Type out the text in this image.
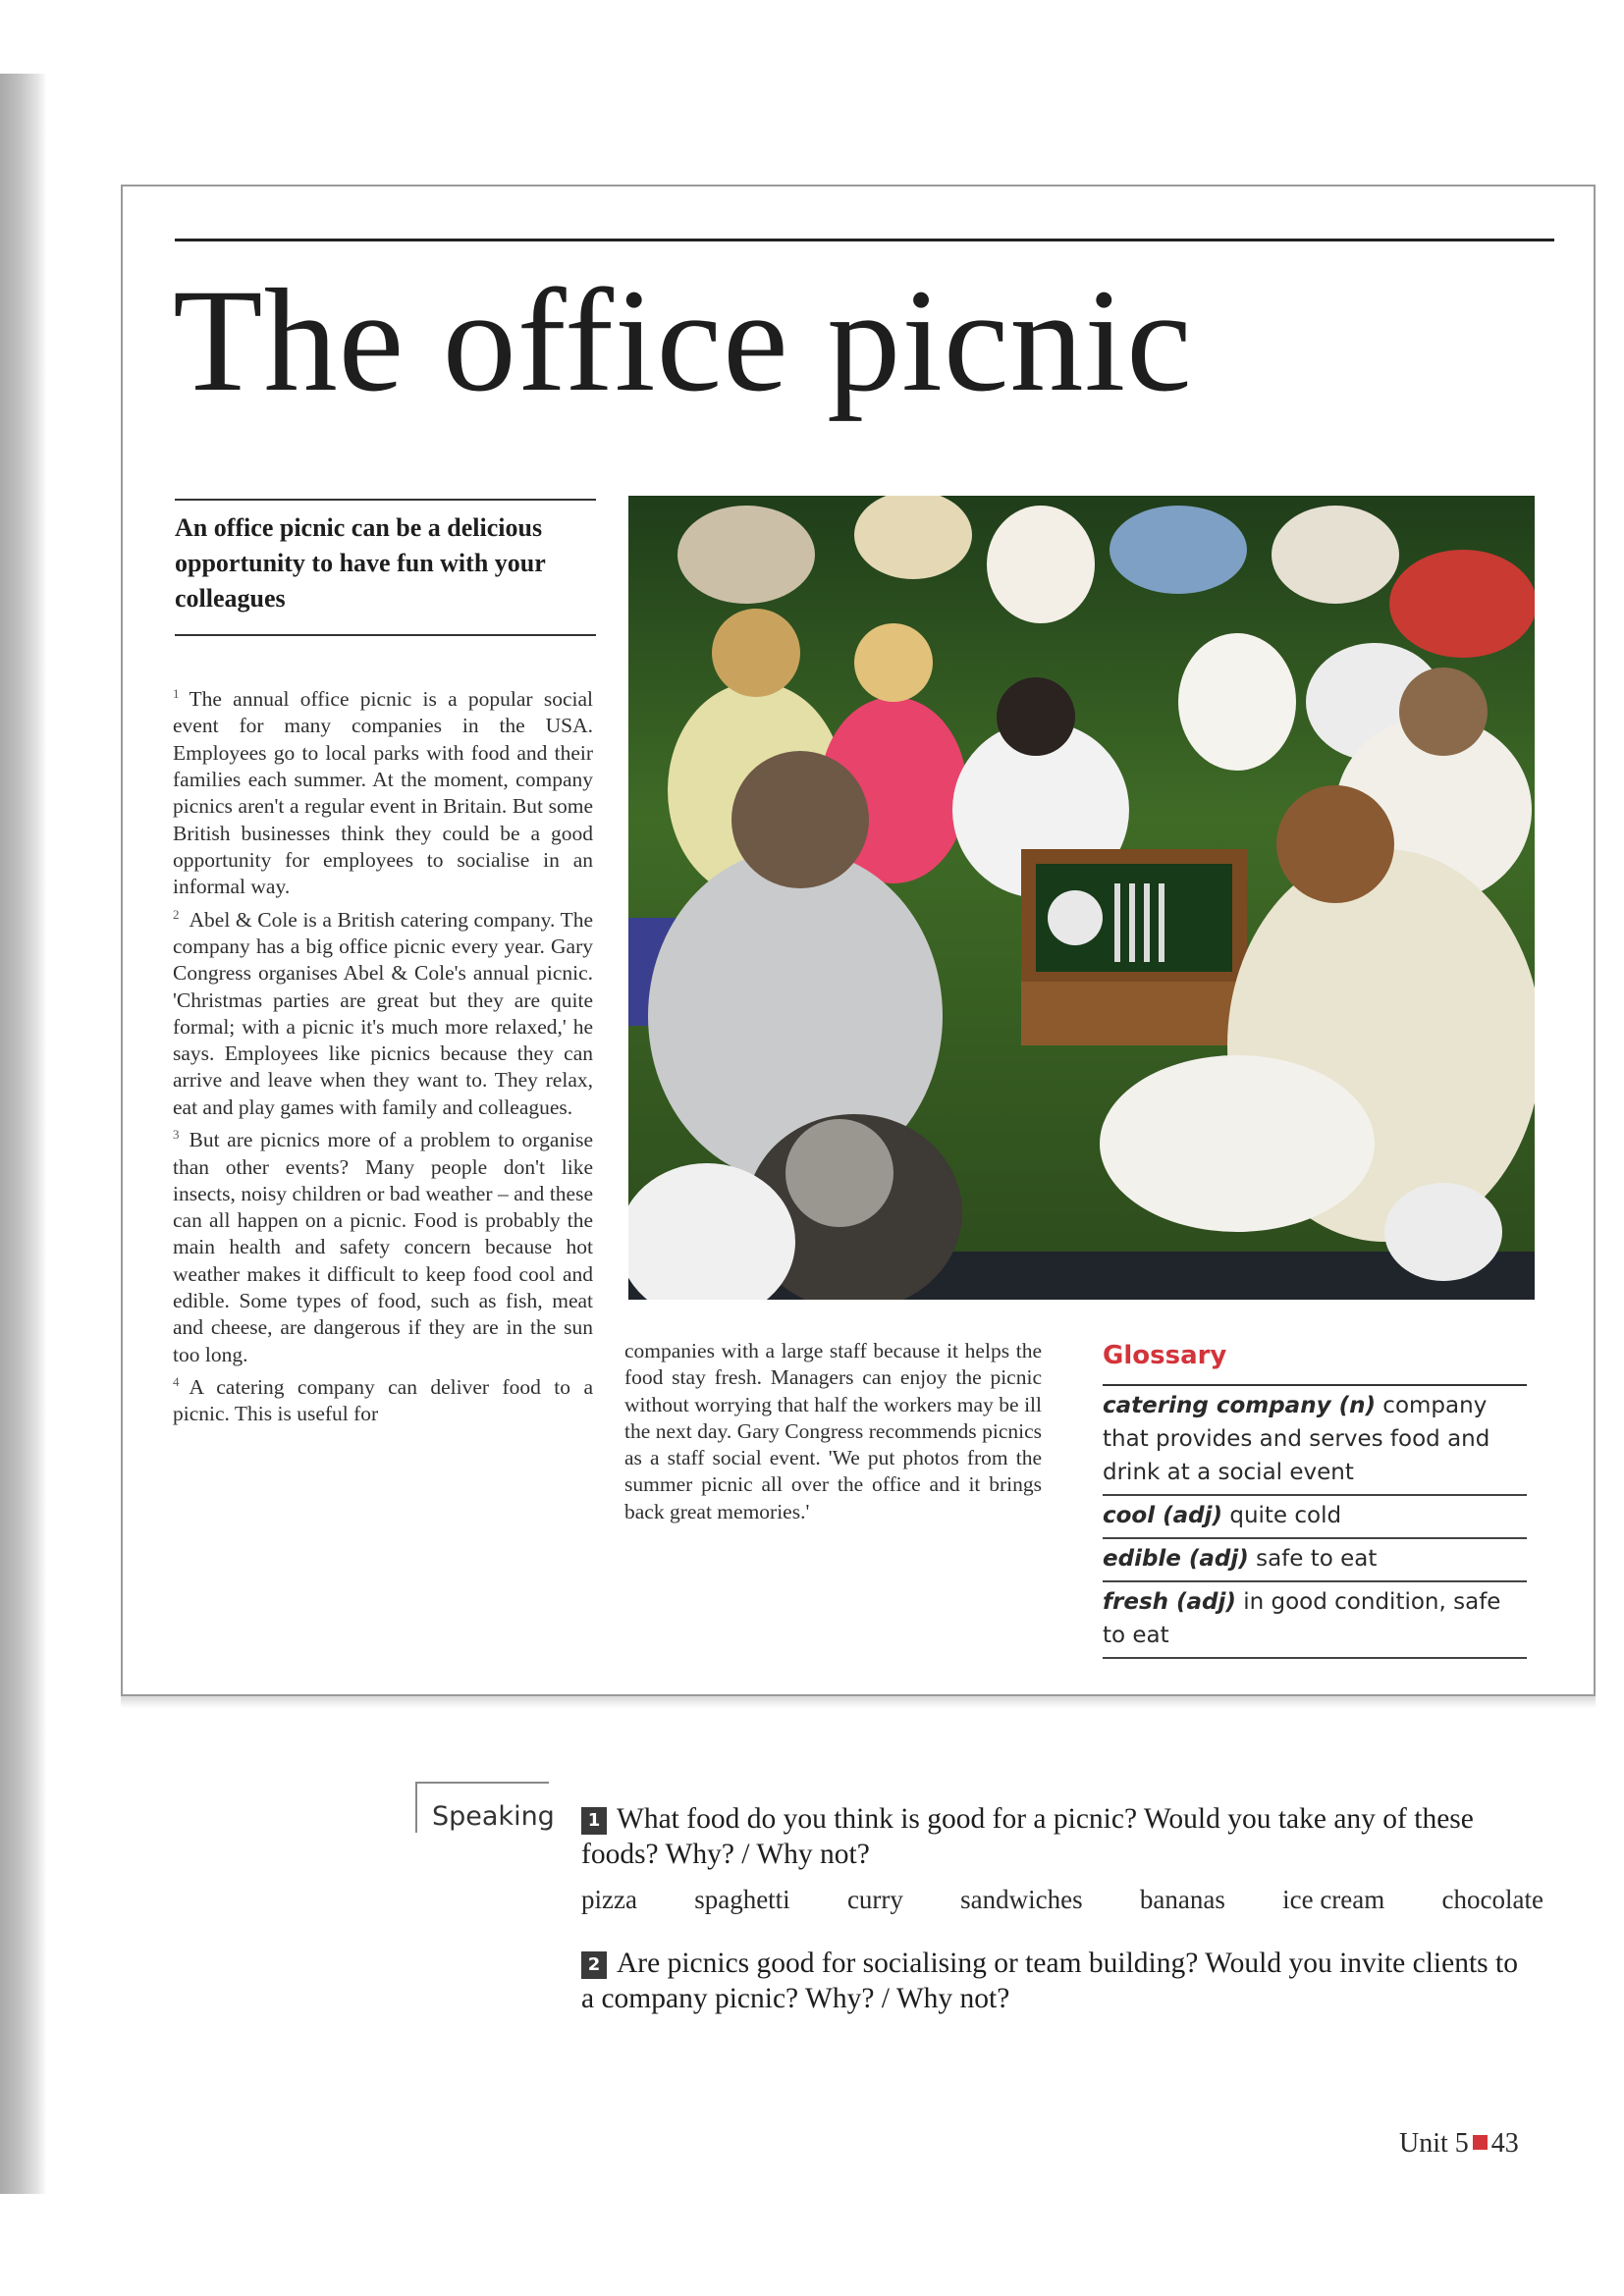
The office picnic

An office picnic can be a delicious opportunity to have fun with your colleagues

$^1$ The annual office picnic is a popular social event for many companies in the USA. Employees go to local parks with food and their families each summer. At the moment, company picnics aren't a regular event in Britain. But some British businesses think they could be a good opportunity for employees to socialise in an informal way.

$^2$ Abel & Cole is a British catering company. The company has a big office picnic every year. Gary Congress organises Abel & Cole's annual picnic. 'Christmas parties are great but they are quite formal; with a picnic it's much more relaxed,' he says. Employees like picnics because they can arrive and leave when they want to. They relax, eat and play games with family and colleagues.

$^3$ But are picnics more of a problem to organise than other events? Many people don't like insects, noisy children or bad weather – and these can all happen on a picnic. Food is probably the main health and safety concern because hot weather makes it difficult to keep food cool and edible. Some types of food, such as fish, meat and cheese, are dangerous if they are in the sun too long.

$^4$ A catering company can deliver food to a picnic. This is useful for

companies with a large staff because it helps the food stay fresh. Managers can enjoy the picnic without worrying that half the workers may be ill the next day. Gary Congress recommends picnics as a staff social event. 'We put photos from the summer picnic all over the office and it brings back great memories.'

Glossary
catering company (n) company that provides and serves food and drink at a social event
cool (adj) quite cold
edible (adj) safe to eat
fresh (adj) in good condition, safe to eat
Speaking	1 What food do you think is good for a picnic? Would you take any of these foods? Why? / Why not?
pizza spaghetti curry sandwiches bananas ice cream chocolate
2 Are picnics good for socialising or team building? Would you invite clients to a company picnic? Why? / Why not?
Unit 5 43
